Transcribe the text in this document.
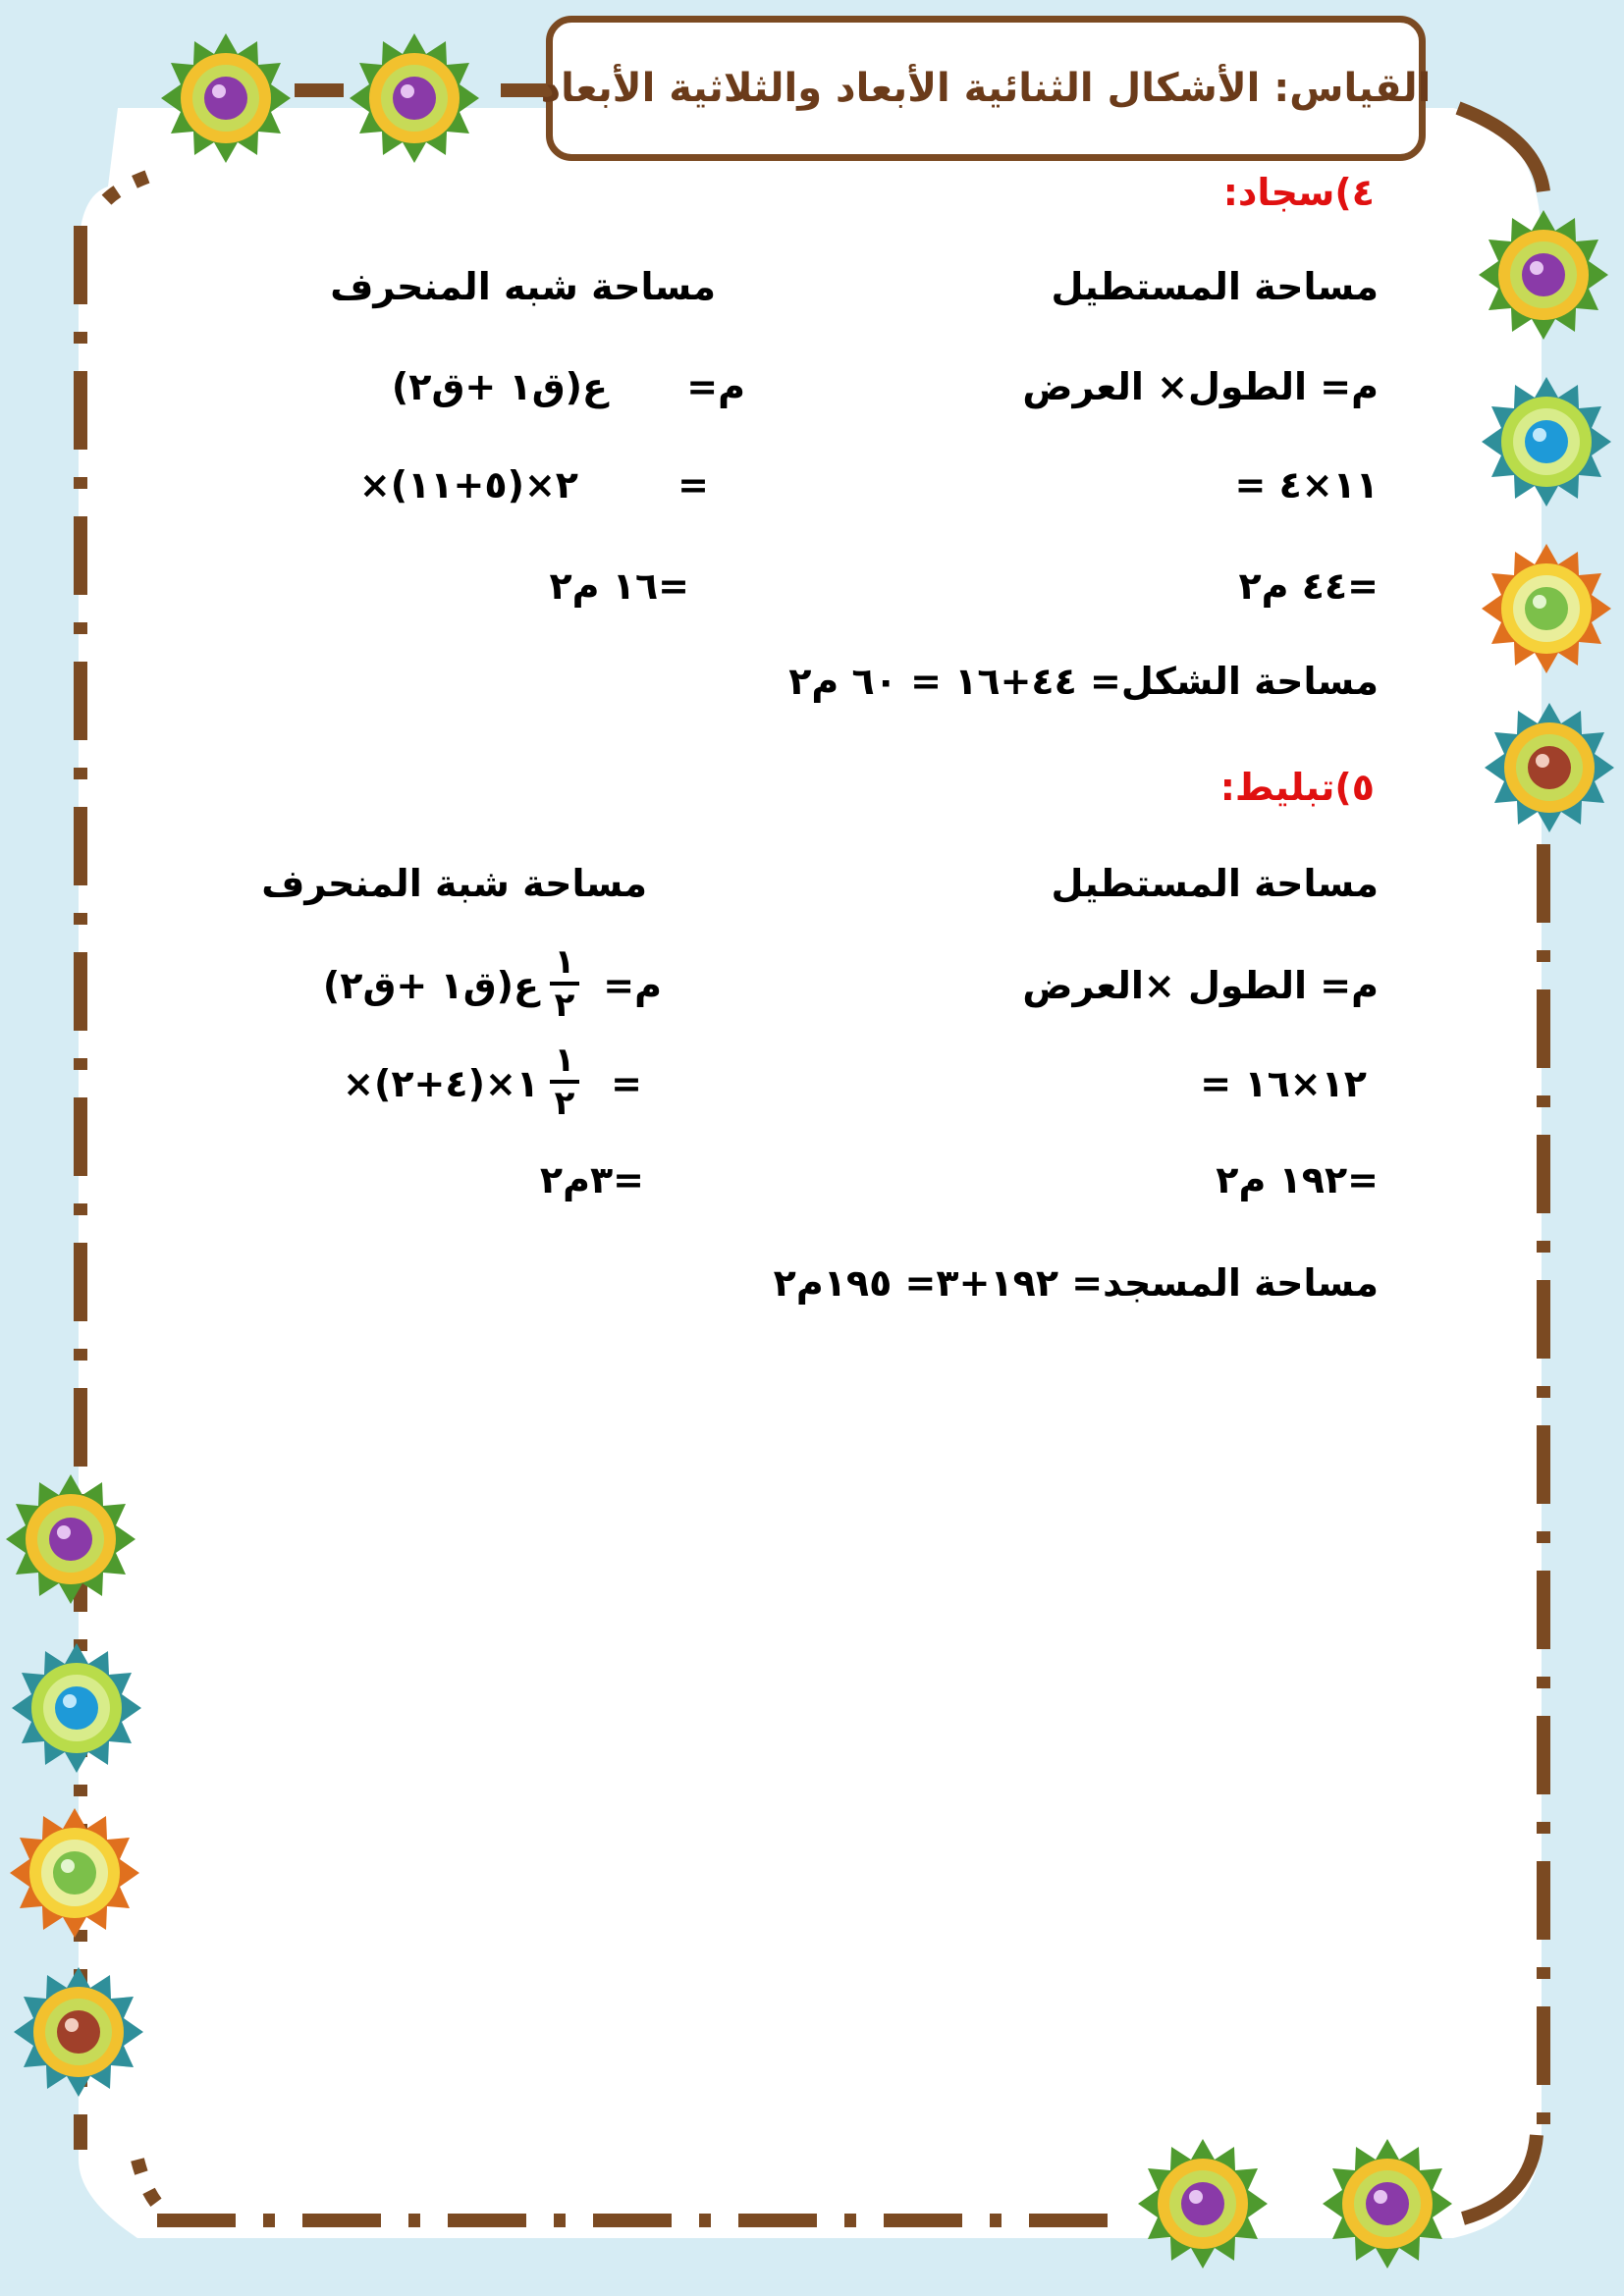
القياس: الأشكال الثنائية الأبعاد والثلاثية الأبعاد
٤)سجاد:
مساحة المستطيل
مساحة شبه المنحرف
م= الطول× العرض
م=
ع(ق١ +ق٢)
= ١١×٤
=
×٢×(٥+١١)
=٤٤ م٢
=١٦ م٢
مساحة الشكل= ٤٤+١٦ = ٦٠ م٢
٥)تبليط:
مساحة المستطيل
مساحة شبة المنحرف
م= الطول ×العرض
م=
١
٢
ع(ق١ +ق٢)
= ١٢×١٦
=
١
٢
×١×(٤+٢)
=١٩٢ م٢
=٣م٢
مساحة المسجد= ١٩٢+٣= ١٩٥م٢
